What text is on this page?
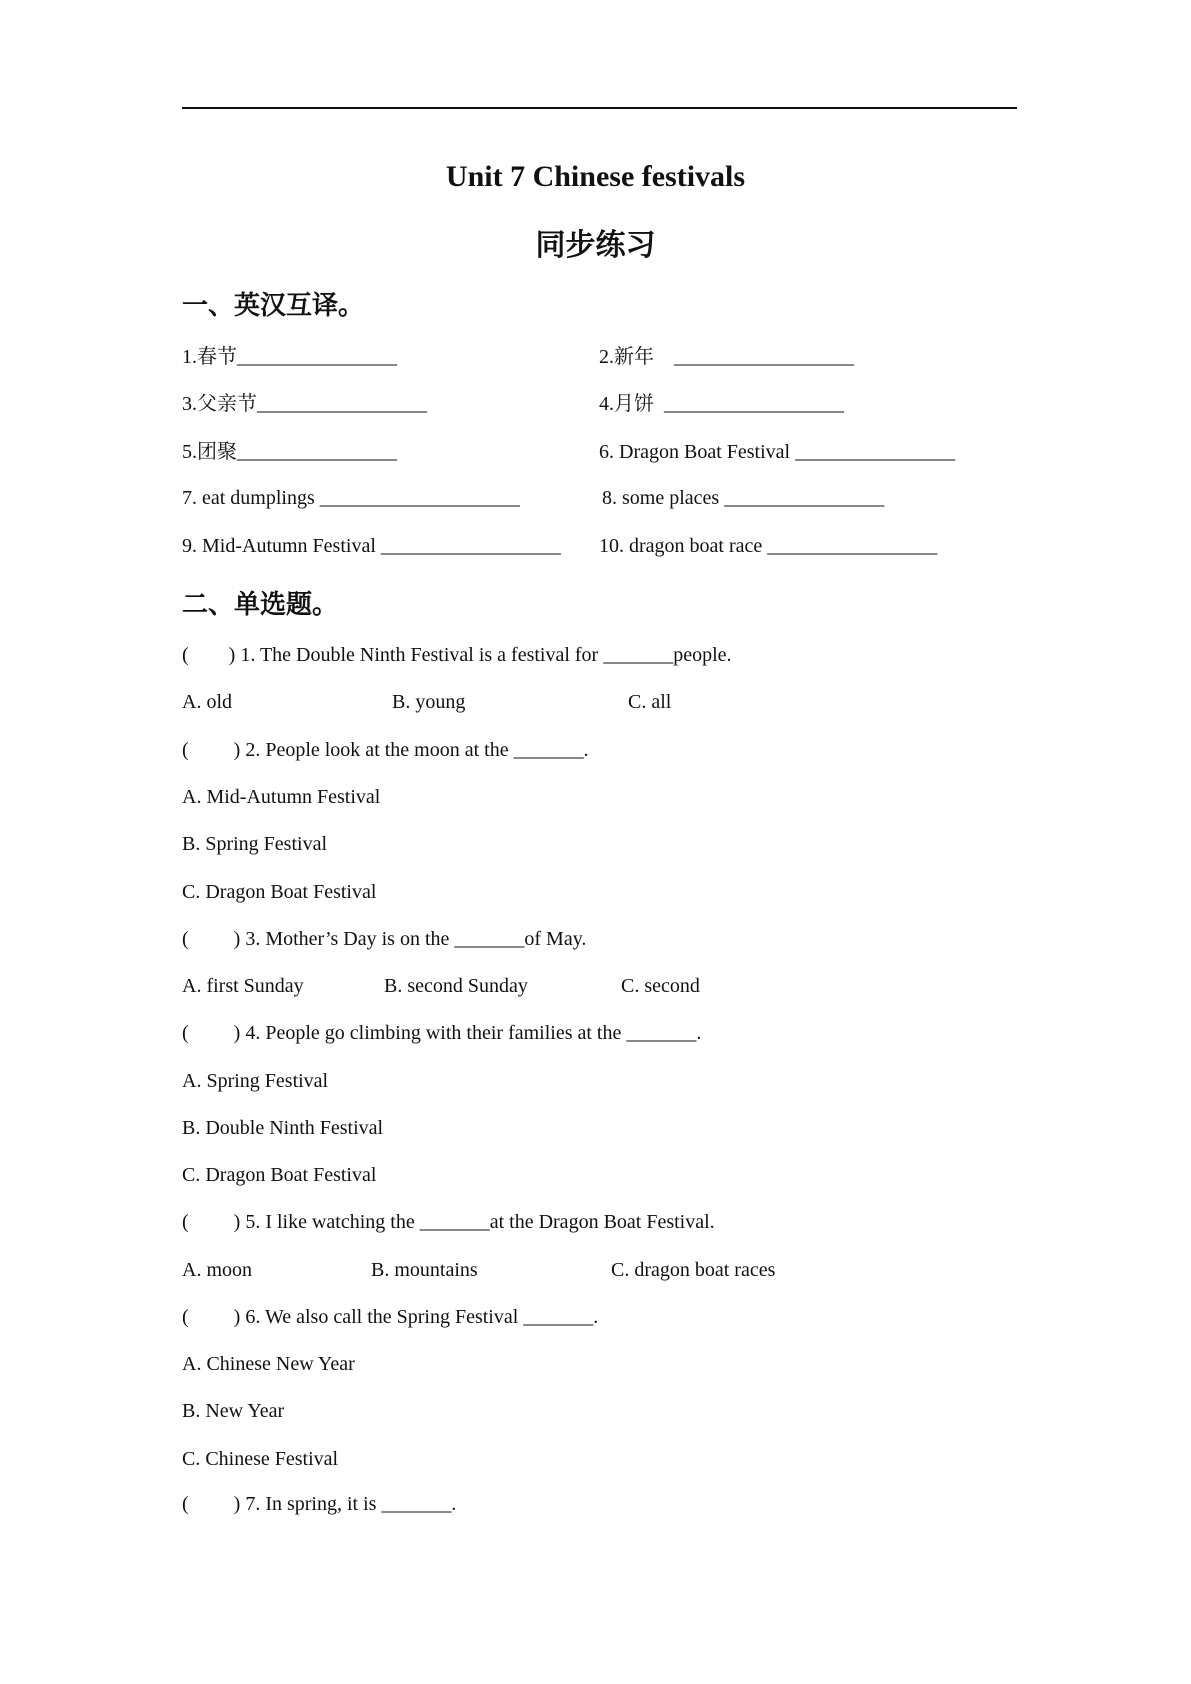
Unit 7 Chinese festivals
同步练习
一、英汉互译。
1.春节________________	2.新年    __________________
3.父亲节_________________	4.月饼  __________________
5.团聚________________	6. Dragon Boat Festival ________________
7. eat dumplings ____________________	8. some places ________________
9. Mid-Autumn Festival __________________ 10. dragon boat race _________________
二、单选题。
(        ) 1. The Double Ninth Festival is a festival for _______people.
A. old	B. young	C. all
(         ) 2. People look at the moon at the _______.
A. Mid-Autumn Festival
B. Spring Festival
C. Dragon Boat Festival
(         ) 3. Mother’s Day is on the _______of May.
A. first Sunday	B. second Sunday	C. second
(         ) 4. People go climbing with their families at the _______.
A. Spring Festival
B. Double Ninth Festival
C. Dragon Boat Festival
(         ) 5. I like watching the _______at the Dragon Boat Festival.
A. moon	B. mountains	C. dragon boat races
(         ) 6. We also call the Spring Festival _______.
A. Chinese New Year
B. New Year
C. Chinese Festival
(         ) 7. In spring, it is _______.
